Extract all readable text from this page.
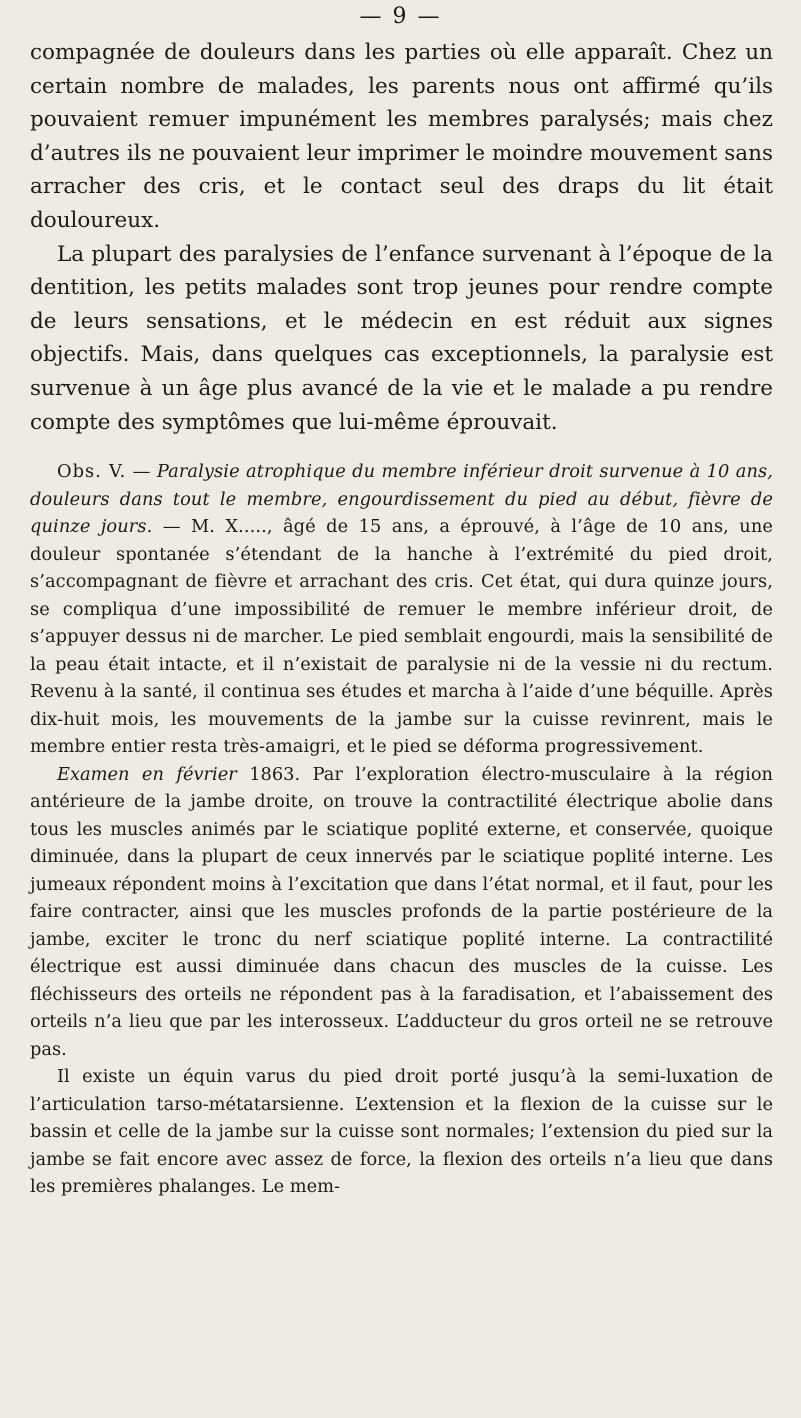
— 9 —

compagnée de douleurs dans les parties où elle apparaît. Chez un certain nombre de malades, les parents nous ont affirmé qu’ils pouvaient remuer impunément les membres paralysés; mais chez d’autres ils ne pouvaient leur imprimer le moindre mouvement sans arracher des cris, et le contact seul des draps du lit était douloureux.

La plupart des paralysies de l’enfance survenant à l’époque de la dentition, les petits malades sont trop jeunes pour rendre compte de leurs sensations, et le médecin en est réduit aux signes objectifs. Mais, dans quelques cas exceptionnels, la paralysie est survenue à un âge plus avancé de la vie et le malade a pu rendre compte des symptômes que lui-même éprouvait.

Obs. V. — Paralysie atrophique du membre inférieur droit survenue à 10 ans, douleurs dans tout le membre, engourdissement du pied au début, fièvre de quinze jours. — M. X....., âgé de 15 ans, a éprouvé, à l’âge de 10 ans, une douleur spontanée s’étendant de la hanche à l’extrémité du pied droit, s’accompagnant de fièvre et arrachant des cris. Cet état, qui dura quinze jours, se compliqua d’une impossibilité de remuer le membre inférieur droit, de s’appuyer dessus ni de marcher. Le pied semblait engourdi, mais la sensibilité de la peau était intacte, et il n’existait de paralysie ni de la vessie ni du rectum. Revenu à la santé, il continua ses études et marcha à l’aide d’une béquille. Après dix-huit mois, les mouvements de la jambe sur la cuisse revinrent, mais le membre entier resta très-amaigri, et le pied se déforma progressivement.

Examen en février 1863. Par l’exploration électro-musculaire à la région antérieure de la jambe droite, on trouve la contractilité électrique abolie dans tous les muscles animés par le sciatique poplité externe, et conservée, quoique diminuée, dans la plupart de ceux innervés par le sciatique poplité interne. Les jumeaux répondent moins à l’excitation que dans l’état normal, et il faut, pour les faire contracter, ainsi que les muscles profonds de la partie postérieure de la jambe, exciter le tronc du nerf sciatique poplité interne. La contractilité électrique est aussi diminuée dans chacun des muscles de la cuisse. Les fléchisseurs des orteils ne répondent pas à la faradisation, et l’abaissement des orteils n’a lieu que par les interosseux. L’adducteur du gros orteil ne se retrouve pas.

Il existe un équin varus du pied droit porté jusqu’à la semi-luxation de l’articulation tarso-métatarsienne. L’extension et la flexion de la cuisse sur le bassin et celle de la jambe sur la cuisse sont normales; l’extension du pied sur la jambe se fait encore avec assez de force, la flexion des orteils n’a lieu que dans les premières phalanges. Le mem-
